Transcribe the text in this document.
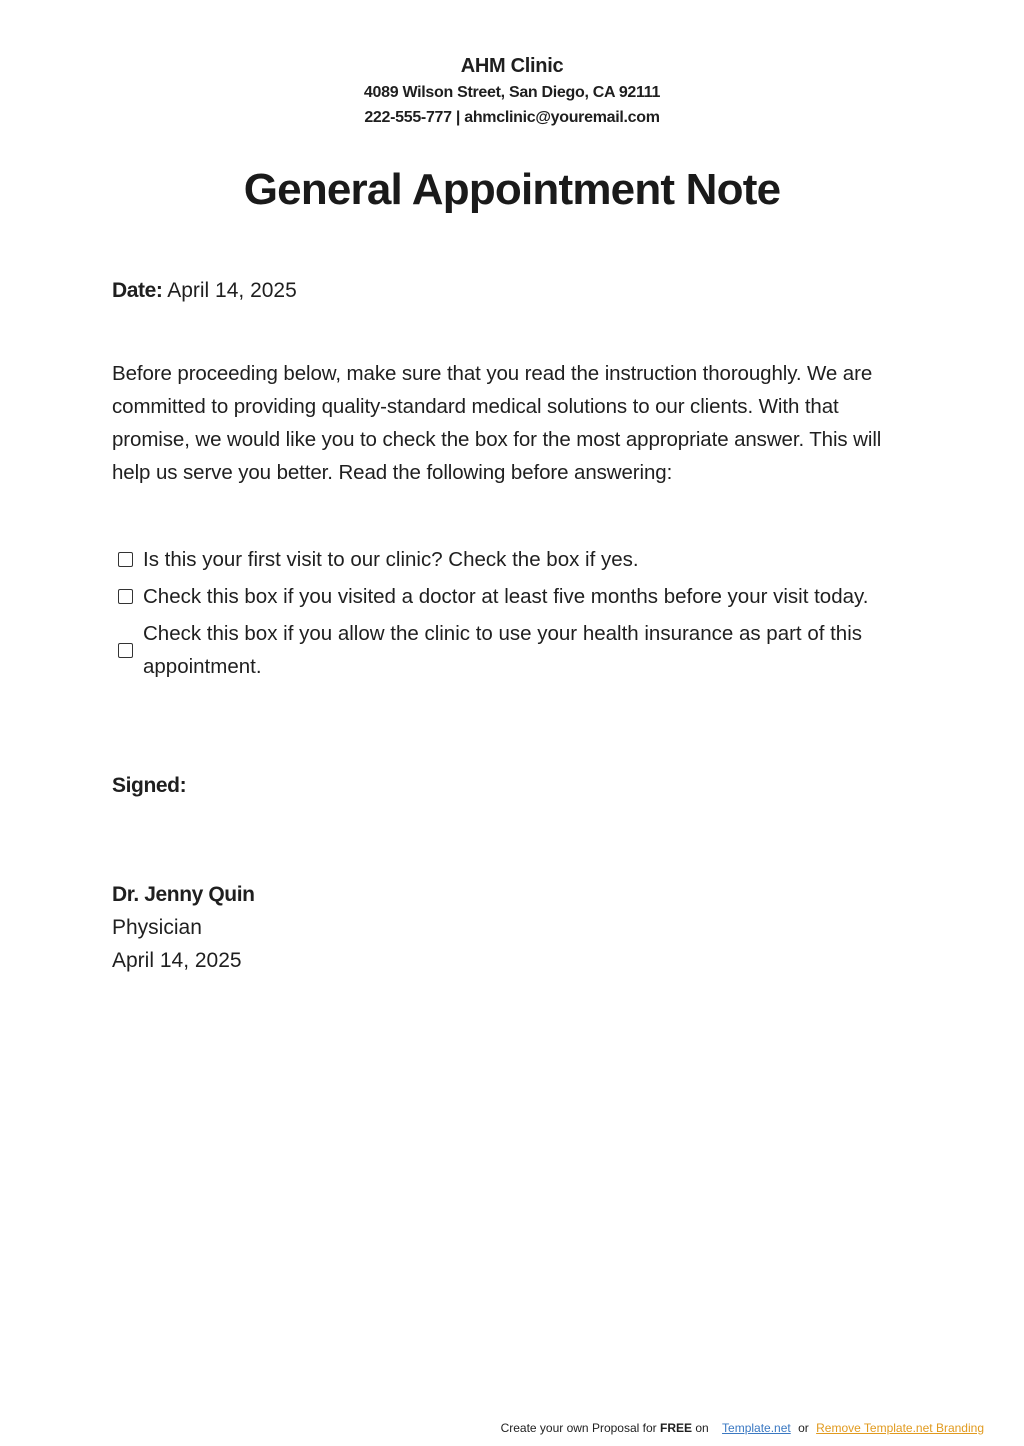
AHM Clinic
4089 Wilson Street, San Diego, CA 92111
222-555-777 | ahmclinic@youremail.com
General Appointment Note
Date: April 14, 2025
Before proceeding below, make sure that you read the instruction thoroughly. We are committed to providing quality-standard medical solutions to our clients. With that promise, we would like you to check the box for the most appropriate answer. This will help us serve you better. Read the following before answering:
Is this your first visit to our clinic? Check the box if yes.
Check this box if you visited a doctor at least five months before your visit today.
Check this box if you allow the clinic to use your health insurance as part of this appointment.
Signed:
Dr. Jenny Quin
Physician
April 14, 2025
Create your own Proposal for FREE on Template.net or Remove Template.net Branding
